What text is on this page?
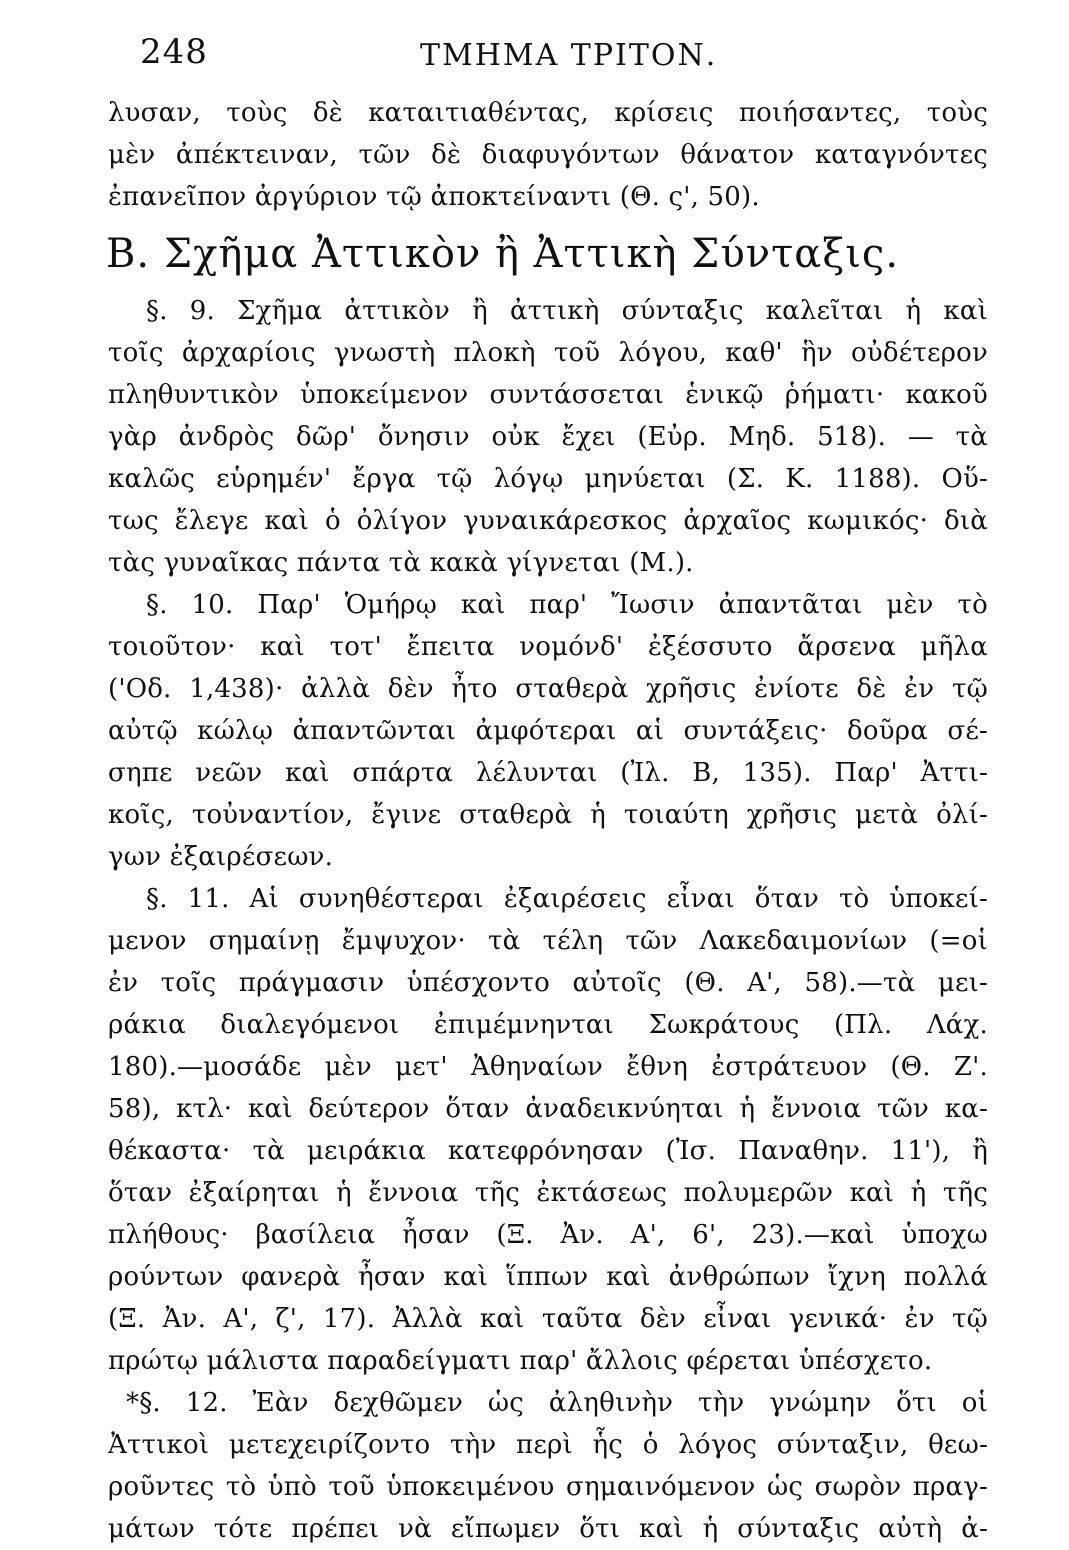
248	ΤΜΗΜΑ ΤΡΙΤΟΝ.
λυσαν, τοὺς δὲ καταιτιαθέντας, κρίσεις ποιήσαντες, τοὺς
μὲν ἀπέκτειναν, τῶν δὲ διαφυγόντων θάνατον καταγνόντες
ἐπανεῖπον ἀργύριον τῷ ἀποκτείναντι (Θ. ς', 50).
Β. Σχῆμα Ἀττικὸν ἢ Ἀττικὴ Σύνταξις.
§. 9. Σχῆμα ἀττικὸν ἢ ἀττικὴ σύνταξις καλεῖται ἡ καὶ
τοῖς ἀρχαρίοις γνωστὴ πλοκὴ τοῦ λόγου, καθ' ἣν οὐδέτερον
πληθυντικὸν ὑποκείμενον συντάσσεται ἑνικῷ ῥήματι· κακοῦ
γὰρ ἀνδρὸς δῶρ' ὄνησιν οὐκ ἔχει (Εὐρ. Μηδ. 518). — τὰ
καλῶς εὑρημέν' ἔργα τῷ λόγῳ μηνύεται (Σ. Κ. 1188). Οὕ-
τως ἔλεγε καὶ ὁ ὀλίγον γυναικάρεσκος ἀρχαῖος κωμικός· διὰ
τὰς γυναῖκας πάντα τὰ κακὰ γίγνεται (Μ.).
§. 10. Παρ' Ὁμήρῳ καὶ παρ' Ἴωσιν ἀπαντᾶται μὲν τὸ
τοιοῦτον· καὶ τοτ' ἔπειτα νομόνδ' ἐξέσσυτο ἄρσενα μῆλα
('Οδ. 1,438)· ἀλλὰ δὲν ἦτο σταθερὰ χρῆσις ἐνίοτε δὲ ἐν τῷ
αὐτῷ κώλῳ ἀπαντῶνται ἀμφότεραι αἱ συντάξεις· δοῦρα σέ-
σηπε νεῶν καὶ σπάρτα λέλυνται (Ἰλ. Β, 135). Παρ' Ἀττι-
κοῖς, τοὐναντίον, ἔγινε σταθερὰ ἡ τοιαύτη χρῆσις μετὰ ὀλί-
γων ἐξαιρέσεων.
§. 11. Αἱ συνηθέστεραι ἐξαιρέσεις εἶναι ὅταν τὸ ὑποκεί-
μενον σημαίνῃ ἔμψυχον· τὰ τέλη τῶν Λακεδαιμονίων (=οἱ
ἐν τοῖς πράγμασιν ὑπέσχοντο αὐτοῖς (Θ. Α', 58).—τὰ μει-
ράκια διαλεγόμενοι ἐπιμέμνηνται Σωκράτους (Πλ. Λάχ.
180).—μοσάδε μὲν μετ' Ἀθηναίων ἔθνη ἐστράτευον (Θ. Ζ'.
58), κτλ· καὶ δεύτερον ὅταν ἀναδεικνύηται ἡ ἔννοια τῶν κα-
θέκαστα· τὰ μειράκια κατεφρόνησαν (Ἰσ. Παναθην. 11'), ἢ
ὅταν ἐξαίρηται ἡ ἔννοια τῆς ἐκτάσεως πολυμερῶν καὶ ἡ τῆς
πλήθους· βασίλεια ἦσαν (Ξ. Ἀν. Α', 6', 23).—καὶ ὑποχω
ρούντων φανερὰ ἦσαν καὶ ἵππων καὶ ἀνθρώπων ἴχνη πολλά
(Ξ. Ἀν. Α', ζ', 17). Ἀλλὰ καὶ ταῦτα δὲν εἶναι γενικά· ἐν τῷ
πρώτῳ μάλιστα παραδείγματι παρ' ἄλλοις φέρεται ὑπέσχετο.
*§. 12. Ἐὰν δεχθῶμεν ὡς ἀληθινὴν τὴν γνώμην ὅτι οἱ
Ἀττικοὶ μετεχειρίζοντο τὴν περὶ ἧς ὁ λόγος σύνταξιν, θεω-
ροῦντες τὸ ὑπὸ τοῦ ὑποκειμένου σημαινόμενον ὡς σωρὸν πραγ-
μάτων τότε πρέπει νὰ εἴπωμεν ὅτι καὶ ἡ σύνταξις αὐτὴ ἀ-
